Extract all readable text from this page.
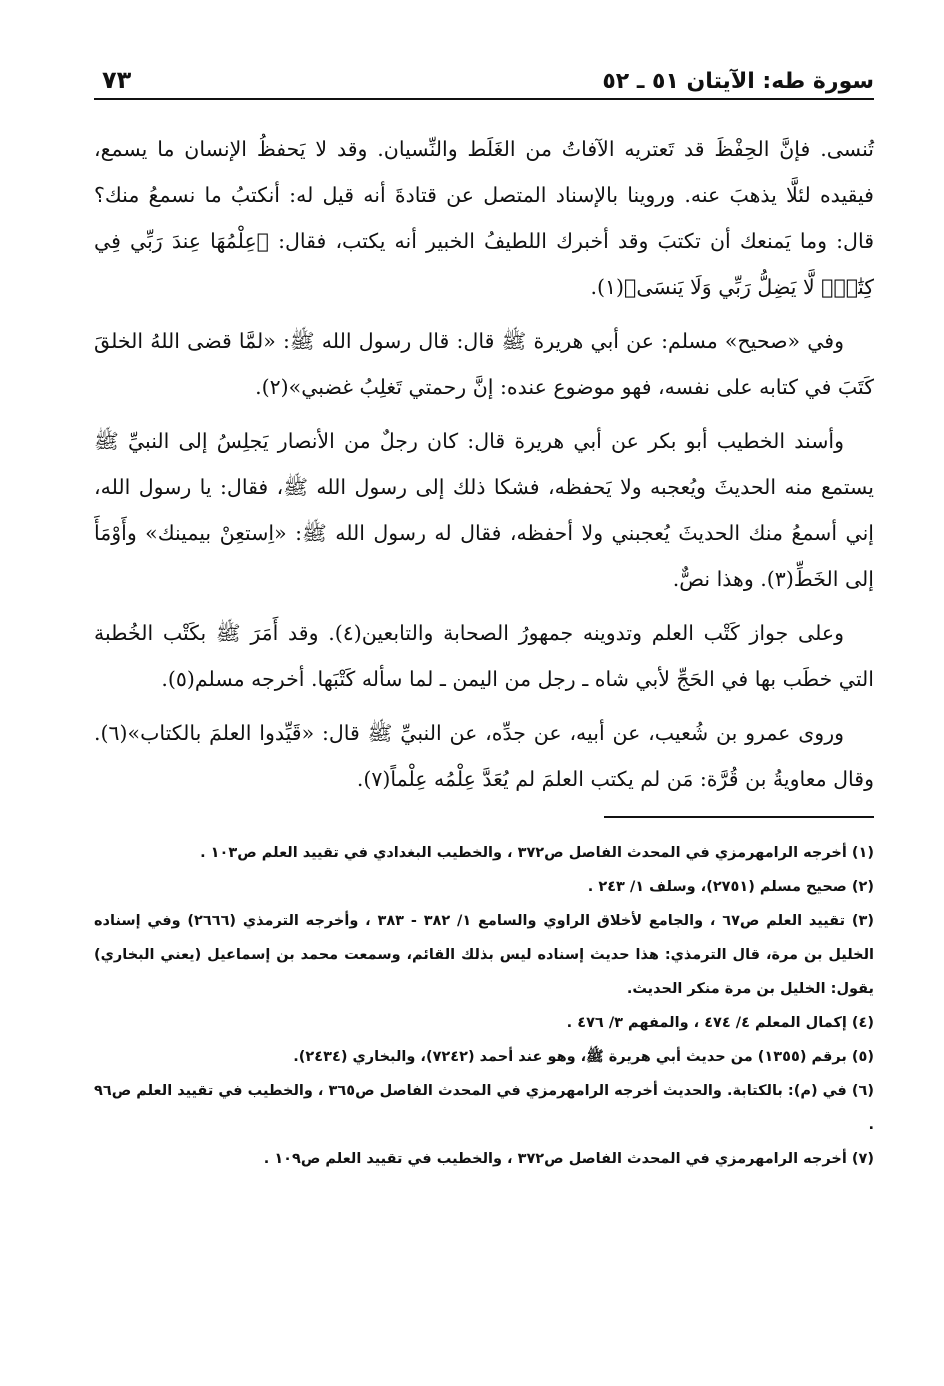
سورة طه: الآيتان ٥١ ـ ٥٢
٧٣

تُنسى. فإنَّ الحِفْظَ قد تَعتريه الآفاتُ من الغَلَط والنِّسيان. وقد لا يَحفظُ الإنسان ما يسمع، فيقيده لئلَّا يذهبَ عنه. وروينا بالإسناد المتصل عن قتادةَ أنه قيل له: أنكتبُ ما نسمعُ منك؟ قال: وما يَمنعك أن تكتبَ وقد أخبرك اللطيفُ الخبير أنه يكتب، فقال: ﴿عِلْمُهَا عِندَ رَبِّي فِي كِتَٰبٍۖ لَّا يَضِلُّ رَبِّي وَلَا يَنسَى﴾(١).

وفي «صحيح» مسلم: عن أبي هريرة ﷺ قال: قال رسول الله ﷺ: «لمَّا قضى اللهُ الخلقَ كَتَبَ في كتابه على نفسه، فهو موضوع عنده: إنَّ رحمتي تَغلِبُ غضبي»(٢).

وأسند الخطيب أبو بكر عن أبي هريرة قال: كان رجلٌ من الأنصار يَجلِسُ إلى النبيِّ ﷺ يستمع منه الحديثَ ويُعجبه ولا يَحفظه، فشكا ذلك إلى رسول الله ﷺ، فقال: يا رسول الله، إني أسمعُ منك الحديثَ يُعجبني ولا أحفظه، فقال له رسول الله ﷺ: «اِستعِنْ بيمينك» وأَوْمَأَ إلى الخَطِّ(٣). وهذا نصٌّ.

وعلى جواز كَتْب العلم وتدوينه جمهورُ الصحابة والتابعين(٤). وقد أَمَرَ ﷺ بكَتْب الخُطبة التي خطَب بها في الحَجِّ لأبي شاه ـ رجل من اليمن ـ لما سأله كَتْبَها. أخرجه مسلم(٥).

وروى عمرو بن شُعيب، عن أبيه، عن جدِّه، عن النبيِّ ﷺ قال: «قَيِّدوا العلمَ بالكتاب»(٦). وقال معاويةُ بن قُرَّة: مَن لم يكتب العلمَ لم يُعَدَّ عِلْمُه عِلْماً(٧).

(١) أخرجه الرامهرمزي في المحدث الفاصل ص٣٧٢ ، والخطيب البغدادي في تقييد العلم ص١٠٣ .

(٢) صحيح مسلم (٢٧٥١)، وسلف ١/ ٢٤٣ .

(٣) تقييد العلم ص٦٧ ، والجامع لأخلاق الراوي والسامع ١/ ٣٨٢ - ٣٨٣ ، وأخرجه الترمذي (٢٦٦٦) وفي إسناده الخليل بن مرة، قال الترمذي: هذا حديث إسناده ليس بذلك القائم، وسمعت محمد بن إسماعيل (يعني البخاري) يقول: الخليل بن مرة منكر الحديث.

(٤) إكمال المعلم ٤/ ٤٧٤ ، والمفهم ٣/ ٤٧٦ .

(٥) برقم (١٣٥٥) من حديث أبي هريرة ﷺ، وهو عند أحمد (٧٢٤٢)، والبخاري (٢٤٣٤).

(٦) في (م): بالكتابة. والحديث أخرجه الرامهرمزي في المحدث الفاصل ص٣٦٥ ، والخطيب في تقييد العلم ص٩٦ .

(٧) أخرجه الرامهرمزي في المحدث الفاصل ص٣٧٢ ، والخطيب في تقييد العلم ص١٠٩ .
